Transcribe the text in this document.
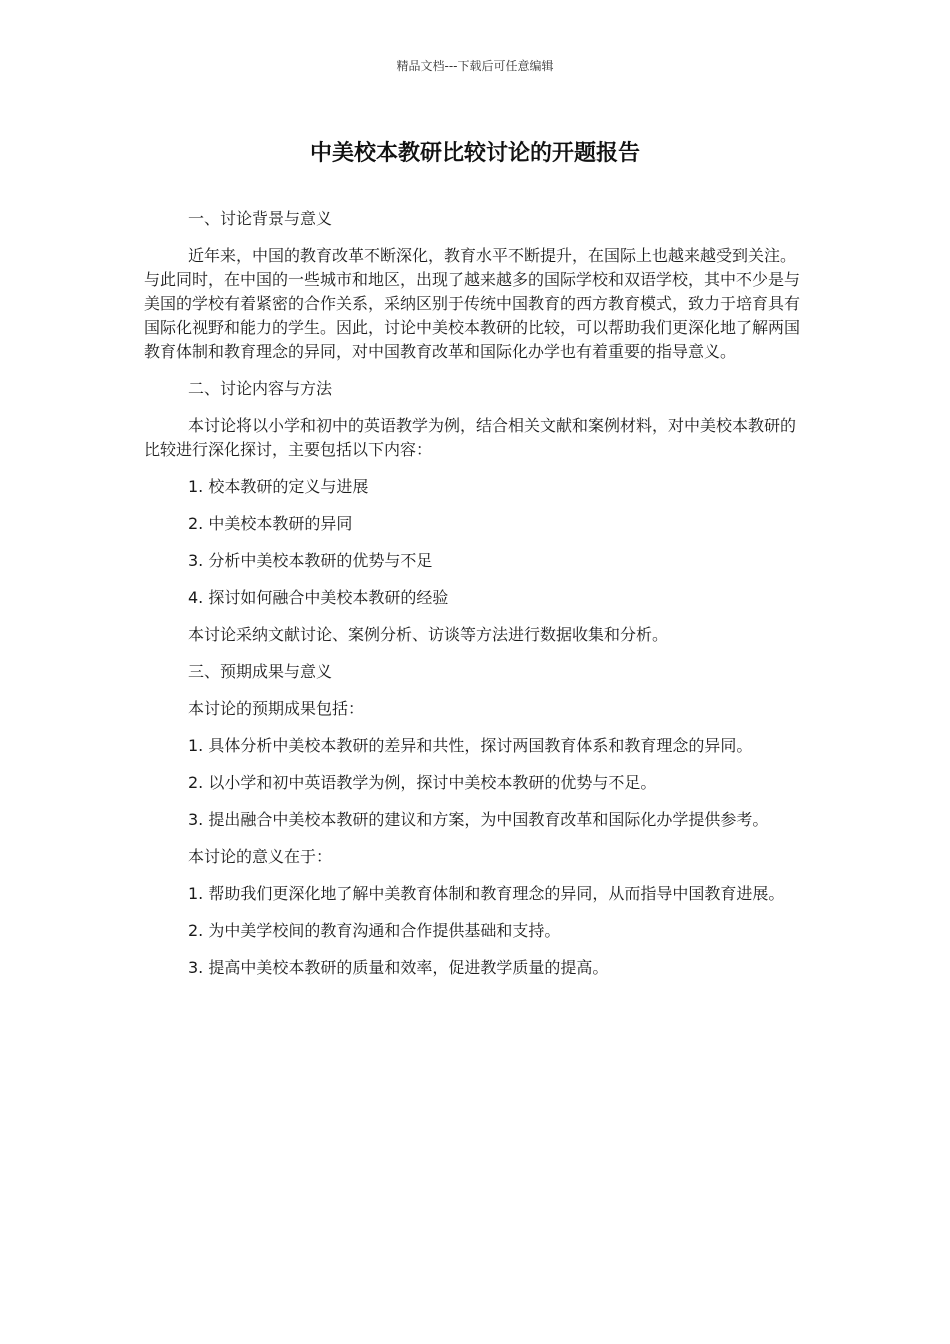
精品文档---下载后可任意编辑

中美校本教研比较讨论的开题报告

一、讨论背景与意义

近年来，中国的教育改革不断深化，教育水平不断提升，在国际上也越来越受到关注。与此同时，在中国的一些城市和地区，出现了越来越多的国际学校和双语学校，其中不少是与美国的学校有着紧密的合作关系，采纳区别于传统中国教育的西方教育模式，致力于培育具有国际化视野和能力的学生。因此，讨论中美校本教研的比较，可以帮助我们更深化地了解两国教育体制和教育理念的异同，对中国教育改革和国际化办学也有着重要的指导意义。

二、讨论内容与方法

本讨论将以小学和初中的英语教学为例，结合相关文献和案例材料，对中美校本教研的比较进行深化探讨，主要包括以下内容：

1. 校本教研的定义与进展

2. 中美校本教研的异同

3. 分析中美校本教研的优势与不足

4. 探讨如何融合中美校本教研的经验

本讨论采纳文献讨论、案例分析、访谈等方法进行数据收集和分析。

三、预期成果与意义

本讨论的预期成果包括：

1. 具体分析中美校本教研的差异和共性，探讨两国教育体系和教育理念的异同。

2. 以小学和初中英语教学为例，探讨中美校本教研的优势与不足。

3. 提出融合中美校本教研的建议和方案，为中国教育改革和国际化办学提供参考。

本讨论的意义在于：

1. 帮助我们更深化地了解中美教育体制和教育理念的异同，从而指导中国教育进展。

2. 为中美学校间的教育沟通和合作提供基础和支持。

3. 提高中美校本教研的质量和效率，促进教学质量的提高。
